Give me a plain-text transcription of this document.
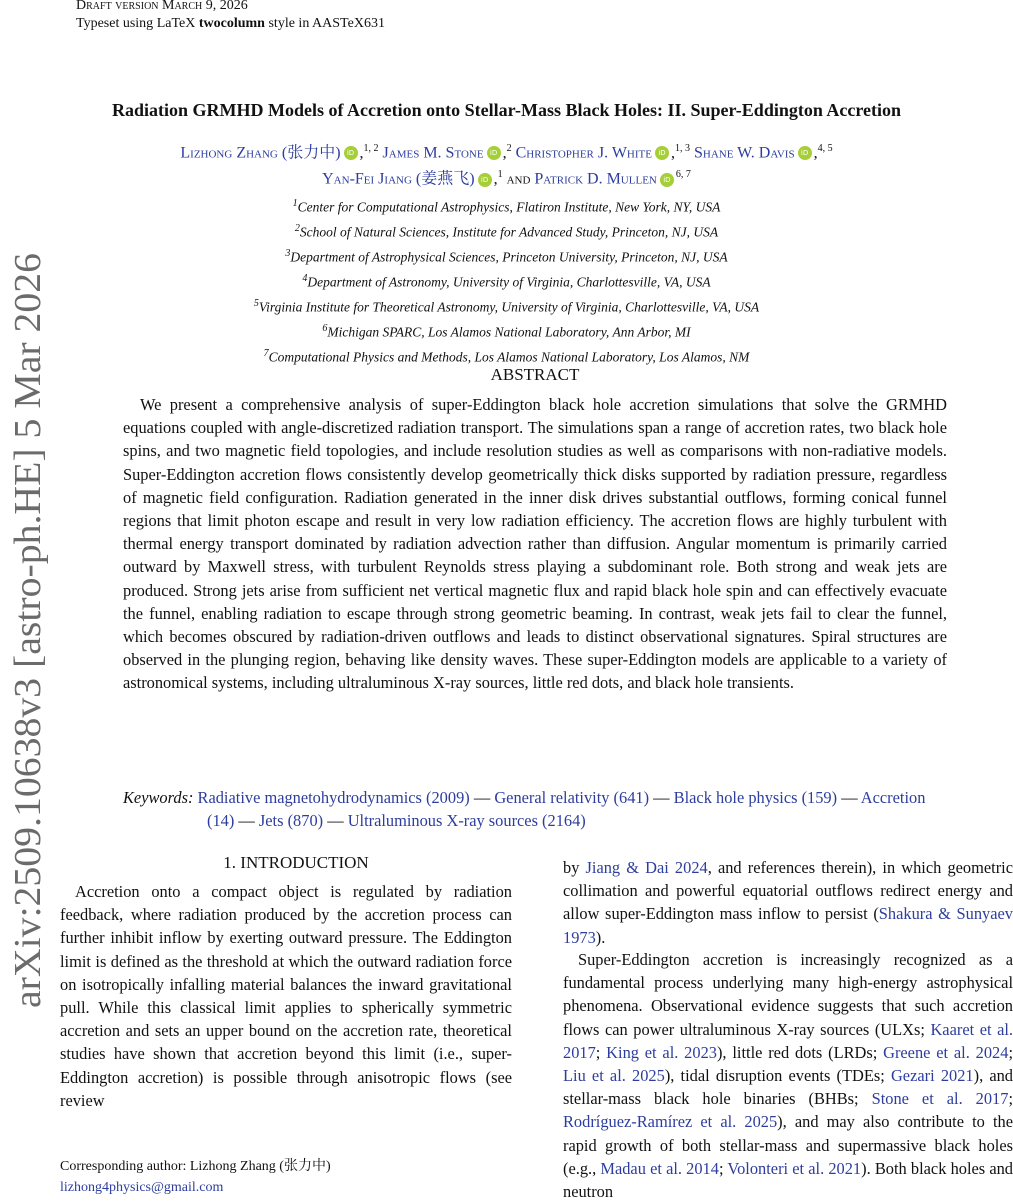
Draft version March 9, 2026
Typeset using LaTeX twocolumn style in AASTeX631
arXiv:2509.10638v3 [astro-ph.HE] 5 Mar 2026
Radiation GRMHD Models of Accretion onto Stellar-Mass Black Holes: II. Super-Eddington Accretion
Lizhong Zhang (张力中) iD ,$^{1, 2}$ James M. Stone iD ,$^2$ Christopher J. White iD ,$^{1, 3}$ Shane W. Davis iD ,$^{4, 5}$
Yan-Fei Jiang (姜燕飞) iD ,$^1$ and Patrick D. Mullen iD $^{6, 7}$
$^1$Center for Computational Astrophysics, Flatiron Institute, New York, NY, USA
$^2$School of Natural Sciences, Institute for Advanced Study, Princeton, NJ, USA
$^3$Department of Astrophysical Sciences, Princeton University, Princeton, NJ, USA
$^4$Department of Astronomy, University of Virginia, Charlottesville, VA, USA
$^5$Virginia Institute for Theoretical Astronomy, University of Virginia, Charlottesville, VA, USA
$^6$Michigan SPARC, Los Alamos National Laboratory, Ann Arbor, MI
$^7$Computational Physics and Methods, Los Alamos National Laboratory, Los Alamos, NM
ABSTRACT

We present a comprehensive analysis of super-Eddington black hole accretion simulations that solve the GRMHD equations coupled with angle-discretized radiation transport. The simulations span a range of accretion rates, two black hole spins, and two magnetic field topologies, and include resolution studies as well as comparisons with non-radiative models. Super-Eddington accretion flows consistently develop geometrically thick disks supported by radiation pressure, regardless of magnetic field configuration. Radiation generated in the inner disk drives substantial outflows, forming conical funnel regions that limit photon escape and result in very low radiation efficiency. The accretion flows are highly turbulent with thermal energy transport dominated by radiation advection rather than diffusion. Angular momentum is primarily carried outward by Maxwell stress, with turbulent Reynolds stress playing a subdominant role. Both strong and weak jets are produced. Strong jets arise from sufficient net vertical magnetic flux and rapid black hole spin and can effectively evacuate the funnel, enabling radiation to escape through strong geometric beaming. In contrast, weak jets fail to clear the funnel, which becomes obscured by radiation-driven outflows and leads to distinct observational signatures. Spiral structures are observed in the plunging region, behaving like density waves. These super-Eddington models are applicable to a variety of astronomical systems, including ultraluminous X-ray sources, little red dots, and black hole transients.

Keywords: Radiative magnetohydrodynamics (2009) — General relativity (641) — Black hole physics (159) — Accretion (14) — Jets (870) — Ultraluminous X-ray sources (2164)
1. INTRODUCTION

Accretion onto a compact object is regulated by radiation feedback, where radiation produced by the accretion process can further inhibit inflow by exerting outward pressure. The Eddington limit is defined as the threshold at which the outward radiation force on isotropically infalling material balances the inward gravitational pull. While this classical limit applies to spherically symmetric accretion and sets an upper bound on the accretion rate, theoretical studies have shown that accretion beyond this limit (i.e., super-Eddington accretion) is possible through anisotropic flows (see review

by Jiang & Dai 2024, and references therein), in which geometric collimation and powerful equatorial outflows redirect energy and allow super-Eddington mass inflow to persist (Shakura & Sunyaev 1973).

Super-Eddington accretion is increasingly recognized as a fundamental process underlying many high-energy astrophysical phenomena. Observational evidence suggests that such accretion flows can power ultraluminous X-ray sources (ULXs; Kaaret et al. 2017; King et al. 2023), little red dots (LRDs; Greene et al. 2024; Liu et al. 2025), tidal disruption events (TDEs; Gezari 2021), and stellar-mass black hole binaries (BHBs; Stone et al. 2017; Rodríguez-Ramírez et al. 2025), and may also contribute to the rapid growth of both stellar-mass and supermassive black holes (e.g., Madau et al. 2014; Volonteri et al. 2021). Both black holes and neutron

Corresponding author: Lizhong Zhang (张力中)
lizhong4physics@gmail.com
